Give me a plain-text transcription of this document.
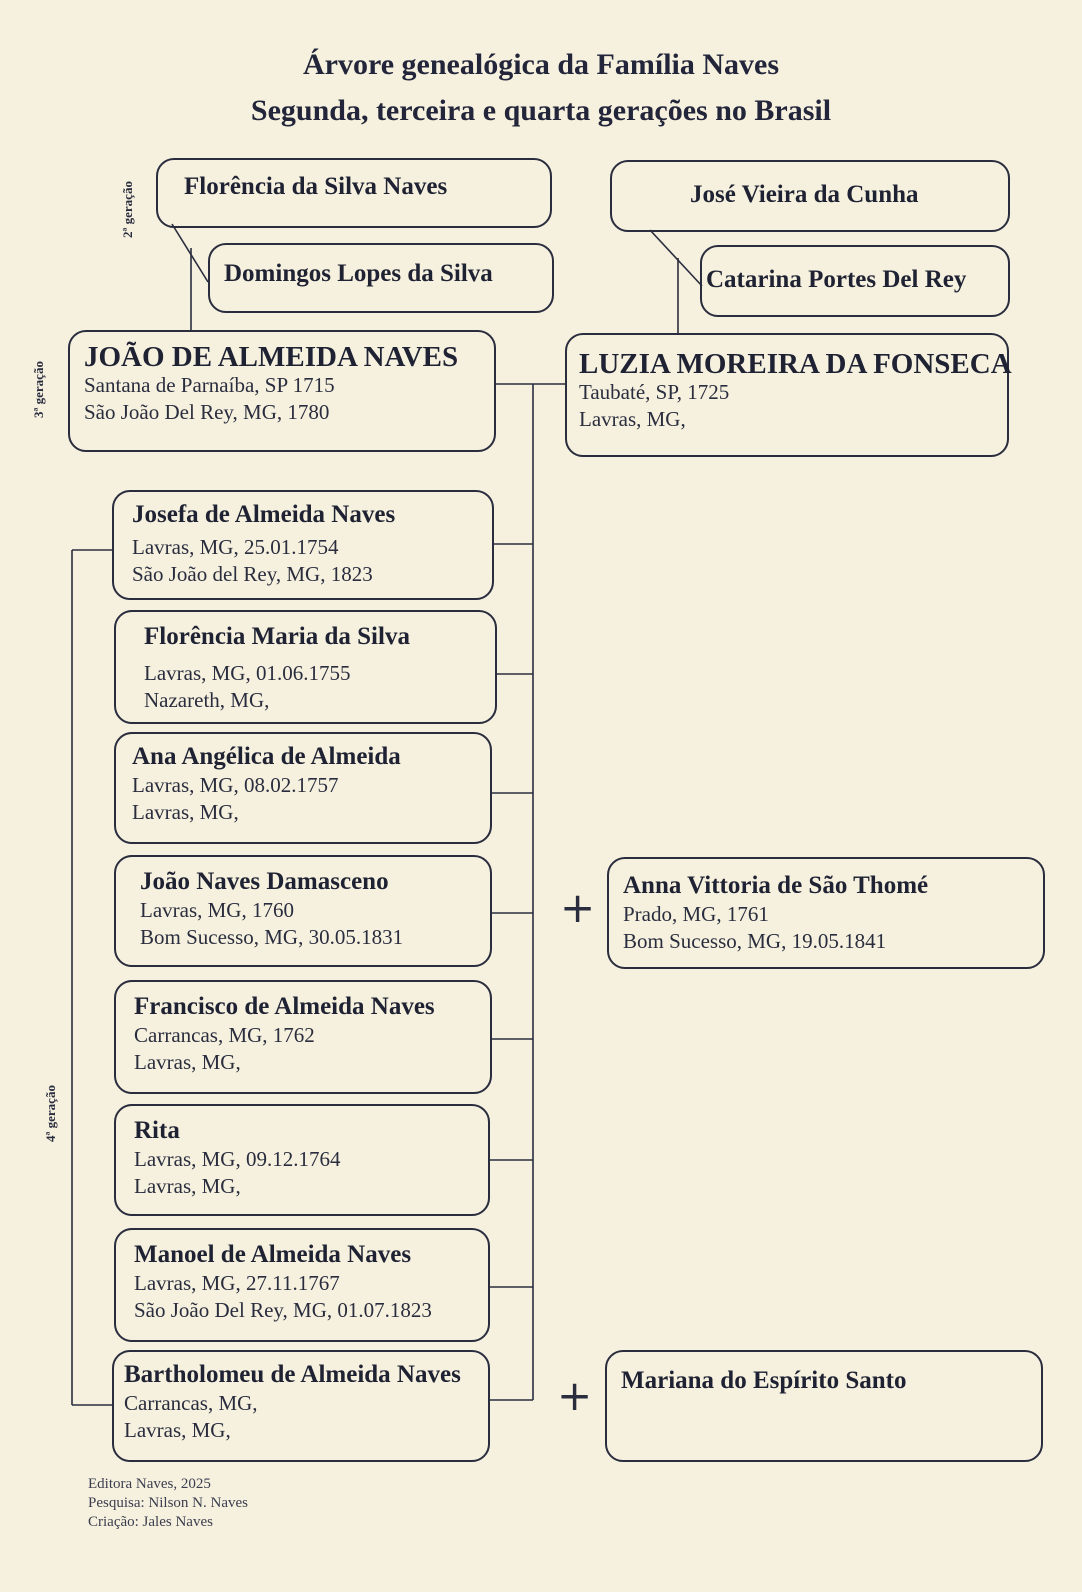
Árvore genealógica da Família Naves
Segunda, terceira e quarta gerações no Brasil
2ª geração
3ª geração
4ª geração
Florência da Silva Naves
Domingos Lopes da Silva
José Vieira da Cunha
Catarina Portes Del Rey
JOÃO DE ALMEIDA NAVES
Santana de Parnaíba, SP 1715
São João Del Rey, MG, 1780
LUZIA MOREIRA DA FONSECA
Taubaté, SP, 1725
Lavras, MG,
Josefa de Almeida Naves
Lavras, MG, 25.01.1754
São João del Rey, MG, 1823
Florência Maria da Silva
Lavras, MG, 01.06.1755
Nazareth, MG,
Ana Angélica de Almeida
Lavras, MG, 08.02.1757
Lavras, MG,
João Naves Damasceno
Lavras, MG, 1760
Bom Sucesso, MG, 30.05.1831
Francisco de Almeida Naves
Carrancas, MG, 1762
Lavras, MG,
Rita
Lavras, MG, 09.12.1764
Lavras, MG,
Manoel de Almeida Naves
Lavras, MG, 27.11.1767
São João Del Rey, MG, 01.07.1823
Bartholomeu de Almeida Naves
Carrancas, MG,
Lavras, MG,
+
+
Anna Vittoria de São Thomé
Prado, MG, 1761
Bom Sucesso, MG, 19.05.1841
Mariana do Espírito Santo
Editora Naves, 2025
Pesquisa: Nilson N. Naves
Criação: Jales Naves
